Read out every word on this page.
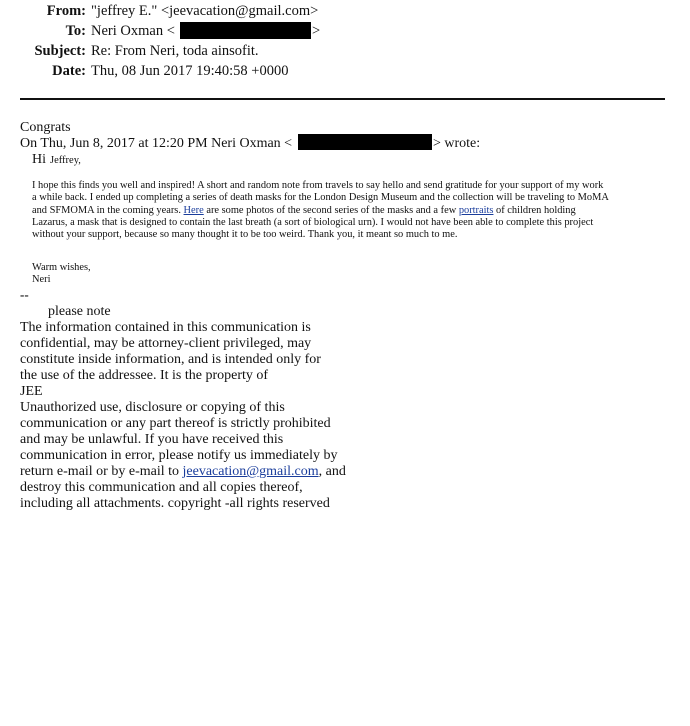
From: "jeffrey E." <jeevacation@gmail.com>
To: Neri Oxman <	>
Subject: Re: From Neri, toda ainsofit.
Date: Thu, 08 Jun 2017 19:40:58 +0000
Congrats
On Thu, Jun 8, 2017 at 12:20 PM Neri Oxman <	> wrote:
Hi Jeffrey,
I hope this finds you well and inspired! A short and random note from travels to say hello and send gratitude for your support of my work
a while back. I ended up completing a series of death masks for the London Design Museum and the collection will be traveling to MoMA
and SFMOMA in the coming years. Here are some photos of the second series of the masks and a few portraits of children holding
Lazarus, a mask that is designed to contain the last breath (a sort of biological urn). I would not have been able to complete this project
without your support, because so many thought it to be too weird. Thank you, it meant so much to me.
Warm wishes,
Neri
--
please note
The information contained in this communication is
confidential, may be attorney-client privileged, may
constitute inside information, and is intended only for
the use of the addressee. It is the property of
JEE
Unauthorized use, disclosure or copying of this
communication or any part thereof is strictly prohibited
and may be unlawful. If you have received this
communication in error, please notify us immediately by
return e-mail or by e-mail to jeevacation@gmail.com, and
destroy this communication and all copies thereof,
including all attachments. copyright -all rights reserved
